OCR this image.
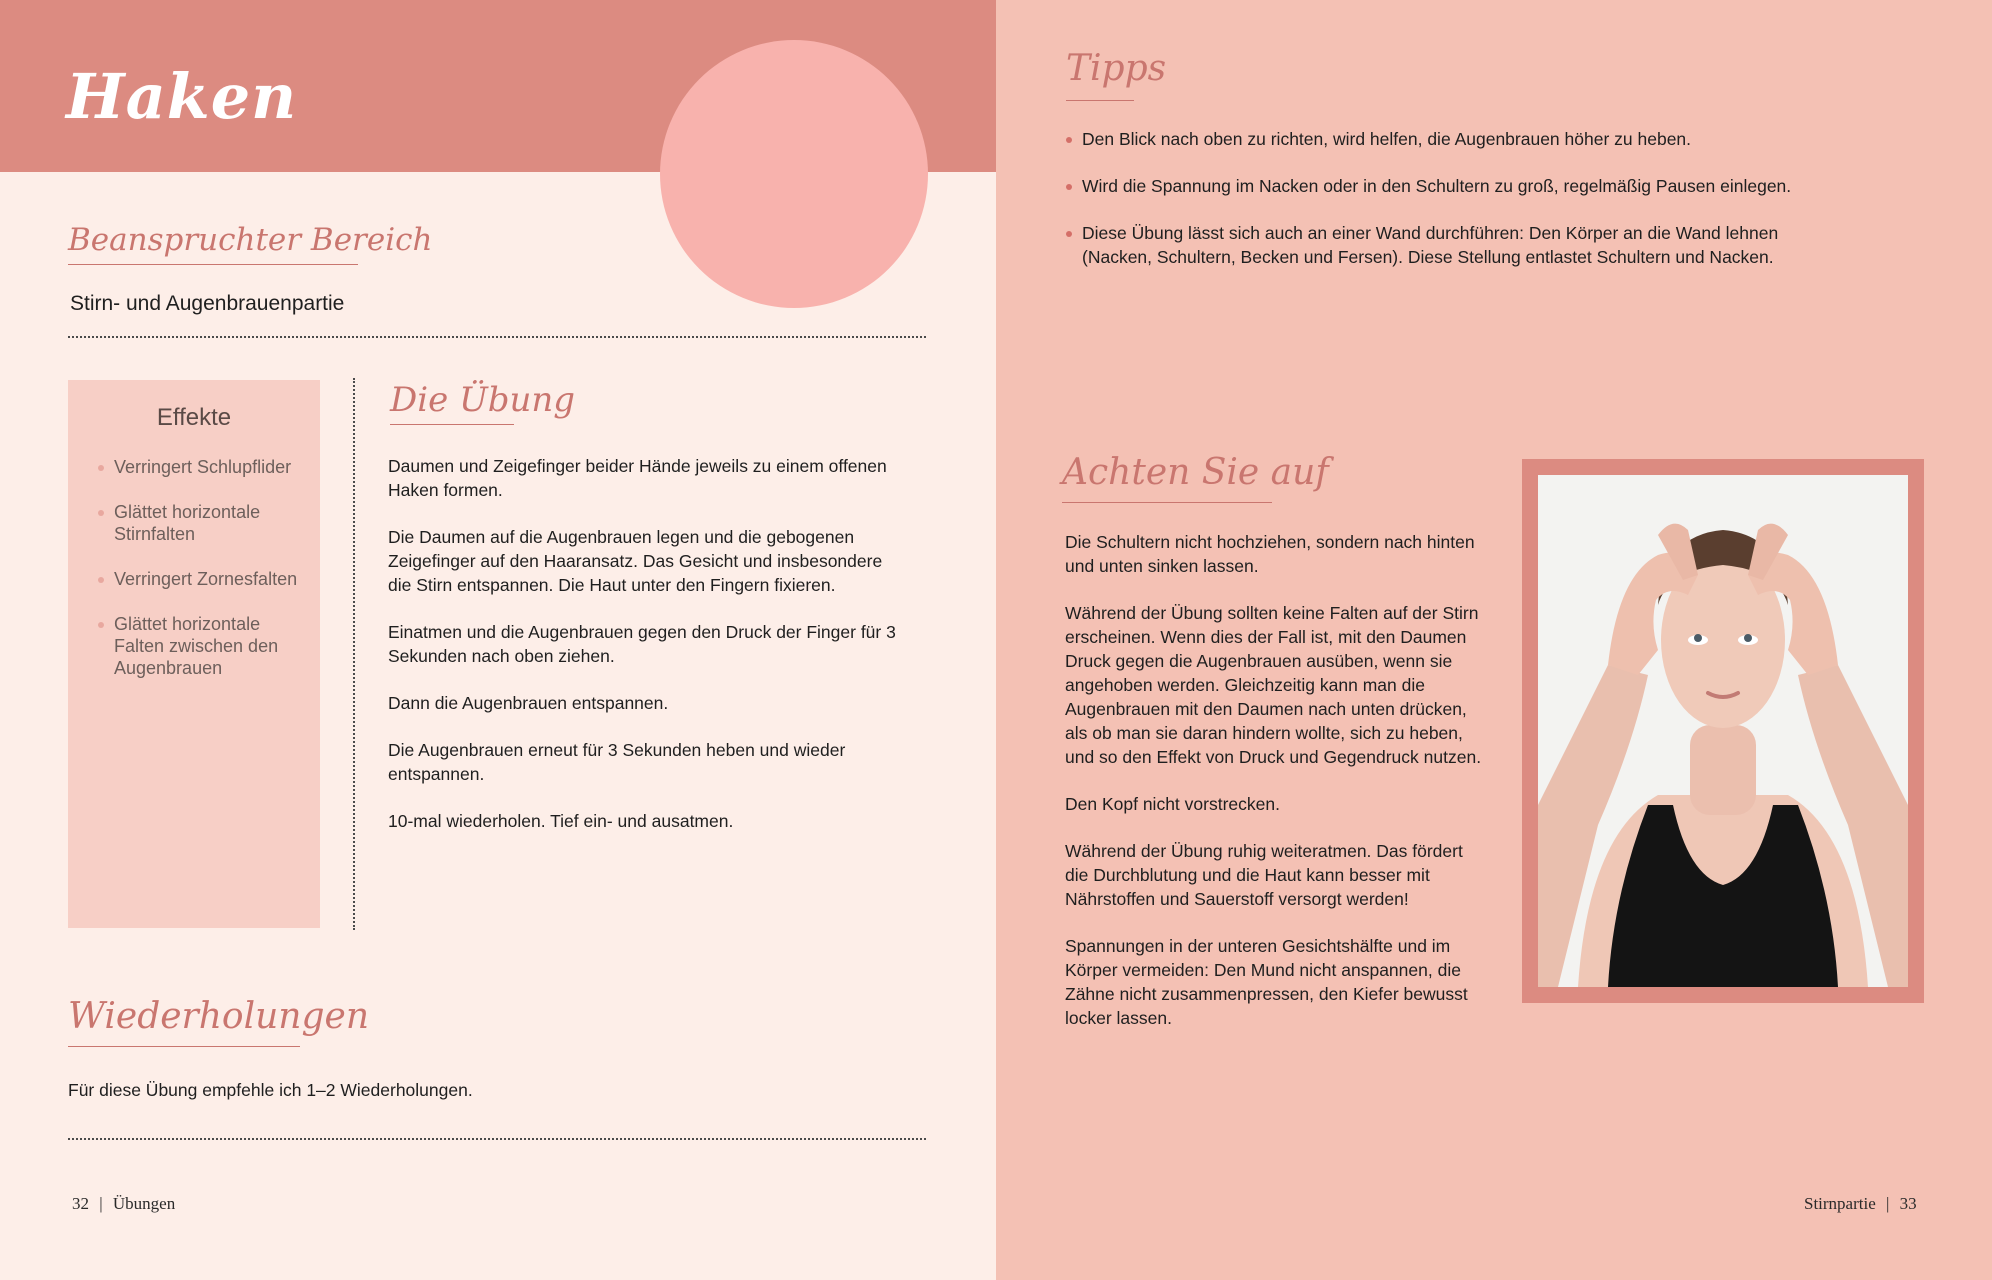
Haken
Beanspruchter Bereich

Stirn- und Augenbrauenpartie

Effekte
Verringert Schlupflider
Glättet horizontale Stirnfalten
Verringert Zornesfalten
Glättet horizontale Falten zwischen den Augenbrauen
Die Übung

Daumen und Zeigefinger beider Hände jeweils zu einem offenen Haken formen.

Die Daumen auf die Augenbrauen legen und die gebogenen Zeigefinger auf den Haaransatz. Das Gesicht und insbesondere die Stirn entspannen. Die Haut unter den Fingern fixieren.

Einatmen und die Augenbrauen gegen den Druck der Finger für 3 Sekunden nach oben ziehen.

Dann die Augenbrauen entspannen.

Die Augenbrauen erneut für 3 Sekunden heben und wieder entspannen.

10-mal wiederholen. Tief ein- und ausatmen.

Wiederholungen

Für diese Übung empfehle ich 1–2 Wiederholungen.

32 | Übungen
Tipps
Den Blick nach oben zu richten, wird helfen, die Augenbrauen höher zu heben.
Wird die Spannung im Nacken oder in den Schultern zu groß, regelmäßig Pausen einlegen.
Diese Übung lässt sich auch an einer Wand durchführen: Den Körper an die Wand lehnen (Nacken, Schultern, Becken und Fersen). Diese Stellung entlastet Schultern und Nacken.
Achten Sie auf

Die Schultern nicht hochziehen, sondern nach hinten und unten sinken lassen.

Während der Übung sollten keine Falten auf der Stirn erscheinen. Wenn dies der Fall ist, mit den Daumen Druck gegen die Augenbrauen ausüben, wenn sie angehoben werden. Gleichzeitig kann man die Augenbrauen mit den Daumen nach unten drücken, als ob man sie daran hindern wollte, sich zu heben, und so den Effekt von Druck und Gegendruck nutzen.

Den Kopf nicht vorstrecken.

Während der Übung ruhig weiteratmen. Das fördert die Durchblutung und die Haut kann besser mit Nährstoffen und Sauerstoff versorgt werden!

Spannungen in der unteren Gesichtshälfte und im Körper vermeiden: Den Mund nicht anspannen, die Zähne nicht zusammenpressen, den Kiefer bewusst locker lassen.

Stirnpartie | 33
